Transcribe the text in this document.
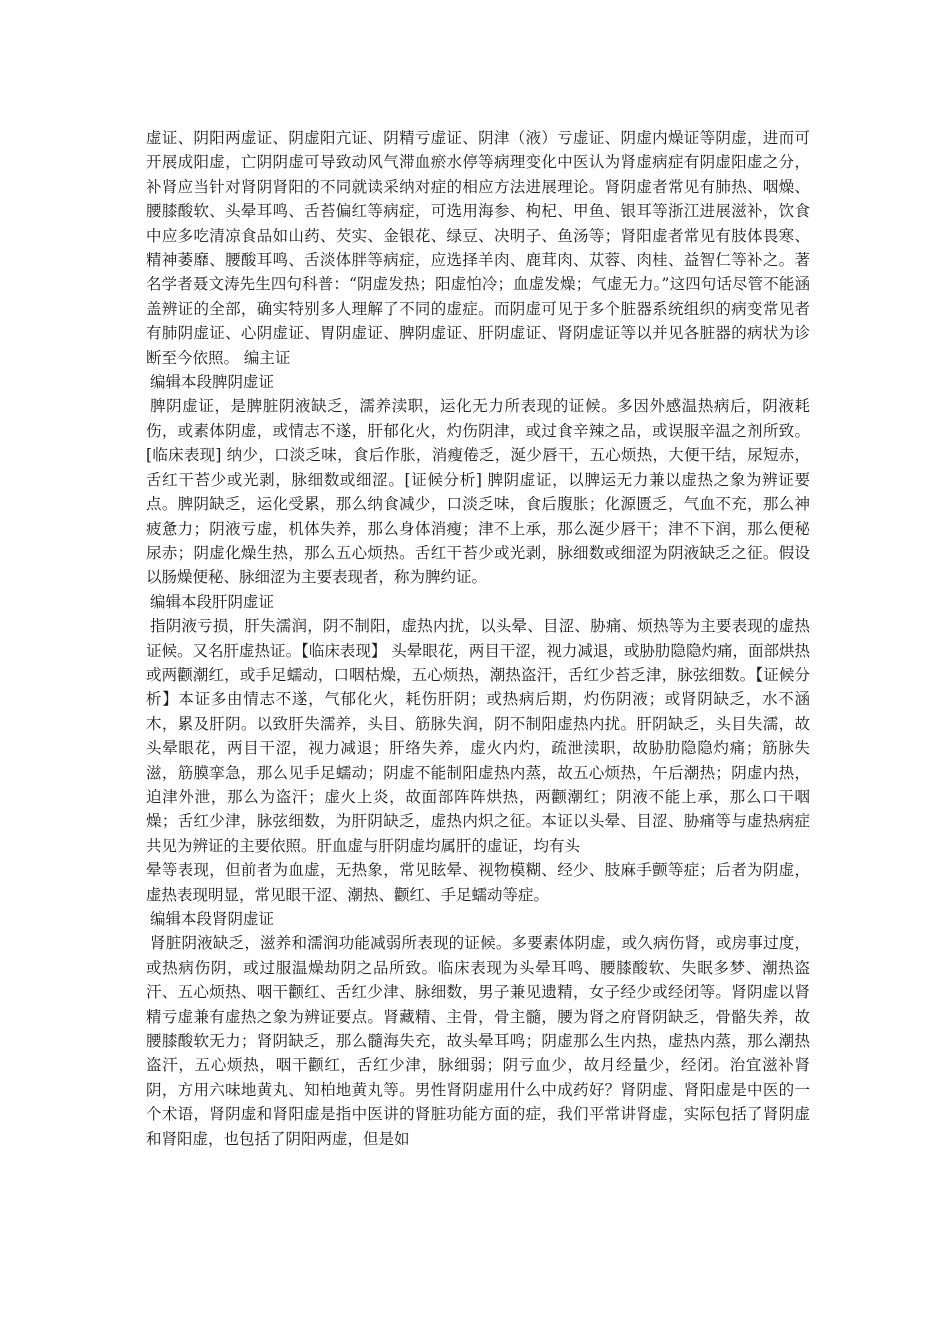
虚证、阴阳两虚证、阴虚阳亢证、阴精亏虚证、阴津（液）亏虚证、阴虚内燥证等阴虚，进而可开展成阳虚，亡阴阴虚可导致动风气滞血瘀水停等病理变化中医认为肾虚病症有阴虚阳虚之分，补肾应当针对肾阴肾阳的不同就读采纳对症的相应方法进展理论。肾阴虚者常见有肺热、咽燥、腰膝酸软、头晕耳鸣、舌苔偏红等病症，可选用海参、枸杞、甲鱼、银耳等浙江进展滋补，饮食中应多吃清凉食品如山药、芡实、金银花、绿豆、决明子、鱼汤等；肾阳虚者常见有肢体畏寒、精神萎靡、腰酸耳鸣、舌淡体胖等病症，应选择羊肉、鹿茸肉、苁蓉、肉桂、益智仁等补之。著名学者聂文涛先生四句科普：“阴虚发热；阳虚怕冷；血虚发燥；气虚无力。”这四句话尽管不能涵盖辨证的全部，确实特别多人理解了不同的虚症。而阴虚可见于多个脏器系统组织的病变常见者有肺阴虚证、心阴虚证、胃阴虚证、脾阴虚证、肝阴虚证、肾阴虚证等以并见各脏器的病状为诊断至今依照。 编主证

编辑本段脾阴虚证

脾阴虚证，是脾脏阴液缺乏，濡养渎职，运化无力所表现的证候。多因外感温热病后，阴液耗伤，或素体阴虚，或情志不遂，肝郁化火，灼伤阴津，或过食辛辣之品，或误服辛温之剂所致。[临床表现] 纳少，口淡乏味，食后作胀，消瘦倦乏，涎少唇干，五心烦热，大便干结，尿短赤，舌红干苔少或光剥，脉细数或细涩。[证候分析] 脾阴虚证，以脾运无力兼以虚热之象为辨证要点。脾阴缺乏，运化受累，那么纳食减少，口淡乏味，食后腹胀；化源匮乏，气血不充，那么神疲惫力；阴液亏虚，机体失养，那么身体消瘦；津不上承，那么涎少唇干；津不下润，那么便秘尿赤；阴虚化燥生热，那么五心烦热。舌红干苔少或光剥，脉细数或细涩为阴液缺乏之征。假设以肠燥便秘、脉细涩为主要表现者，称为脾约证。

编辑本段肝阴虚证

指阴液亏损，肝失濡润，阴不制阳，虚热内扰，以头晕、目涩、胁痛、烦热等为主要表现的虚热证候。又名肝虚热证。【临床表现】 头晕眼花，两目干涩，视力减退，或胁肋隐隐灼痛，面部烘热或两颧潮红，或手足蠕动，口咽枯燥，五心烦热，潮热盗汗，舌红少苔乏津，脉弦细数。【证候分析】本证多由情志不遂，气郁化火，耗伤肝阴；或热病后期，灼伤阴液；或肾阴缺乏，水不涵木，累及肝阴。以致肝失濡养，头目、筋脉失润，阴不制阳虚热内扰。肝阴缺乏，头目失濡，故头晕眼花，两目干涩，视力减退；肝络失养，虚火内灼，疏泄渎职，故胁肋隐隐灼痛；筋脉失滋，筋膜挛急，那么见手足蠕动；阴虚不能制阳虚热内蒸，故五心烦热，午后潮热；阴虚内热，迫津外泄，那么为盗汗；虚火上炎，故面部阵阵烘热，两颧潮红；阴液不能上承，那么口干咽燥；舌红少津，脉弦细数，为肝阴缺乏，虚热内炽之征。本证以头晕、目涩、胁痛等与虚热病症共见为辨证的主要依照。肝血虚与肝阴虚均属肝的虚证，均有头

晕等表现，但前者为血虚，无热象，常见眩晕、视物模糊、经少、肢麻手颤等症；后者为阴虚，虚热表现明显，常见眼干涩、潮热、颧红、手足蠕动等症。

编辑本段肾阴虚证

肾脏阴液缺乏，滋养和濡润功能减弱所表现的证候。多要素体阴虚，或久病伤肾，或房事过度，或热病伤阴，或过服温燥劫阴之品所致。临床表现为头晕耳鸣、腰膝酸软、失眠多梦、潮热盗汗、五心烦热、咽干颧红、舌红少津、脉细数，男子兼见遗精，女子经少或经闭等。肾阴虚以肾精亏虚兼有虚热之象为辨证要点。肾藏精、主骨，骨主髓，腰为肾之府肾阴缺乏，骨骼失养，故腰膝酸软无力；肾阴缺乏，那么髓海失充，故头晕耳鸣；阴虚那么生内热，虚热内蒸，那么潮热盗汗，五心烦热，咽干颧红，舌红少津，脉细弱；阴亏血少，故月经量少，经闭。治宜滋补肾阴，方用六味地黄丸、知柏地黄丸等。男性肾阴虚用什么中成药好？肾阴虚、肾阳虚是中医的一个术语，肾阴虚和肾阳虚是指中医讲的肾脏功能方面的症，我们平常讲肾虚，实际包括了肾阴虚和肾阳虚，也包括了阴阳两虚，但是如
